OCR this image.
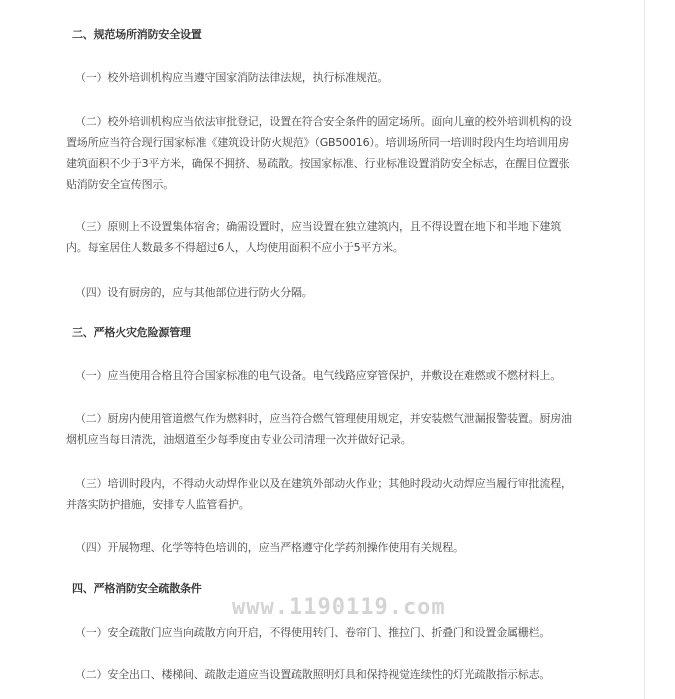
二、规范场所消防安全设置

（一）校外培训机构应当遵守国家消防法律法规，执行标准规范。

（二）校外培训机构应当依法审批登记，设置在符合安全条件的固定场所。面向儿童的校外培训机构的设置场所应当符合现行国家标准《建筑设计防火规范》（GB50016）。培训场所同一培训时段内生均培训用房建筑面积不少于3平方米，确保不拥挤、易疏散。按国家标准、行业标准设置消防安全标志，在醒目位置张贴消防安全宣传图示。

（三）原则上不设置集体宿舍；确需设置时，应当设置在独立建筑内，且不得设置在地下和半地下建筑内。每室居住人数最多不得超过6人，人均使用面积不应小于5平方米。

（四）设有厨房的，应与其他部位进行防火分隔。

三、严格火灾危险源管理

（一）应当使用合格且符合国家标准的电气设备。电气线路应穿管保护，并敷设在难燃或不燃材料上。

（二）厨房内使用管道燃气作为燃料时，应当符合燃气管理使用规定，并安装燃气泄漏报警装置。厨房油烟机应当每日清洗，油烟道至少每季度由专业公司清理一次并做好记录。

（三）培训时段内，不得动火动焊作业以及在建筑外部动火作业；其他时段动火动焊应当履行审批流程，并落实防护措施，安排专人监管看护。

（四）开展物理、化学等特色培训的，应当严格遵守化学药剂操作使用有关规程。

四、严格消防安全疏散条件

（一）安全疏散门应当向疏散方向开启，不得使用转门、卷帘门、推拉门、折叠门和设置金属栅栏。

（二）安全出口、楼梯间、疏散走道应当设置疏散照明灯具和保持视觉连续性的灯光疏散指示标志。

www.1190119.com
